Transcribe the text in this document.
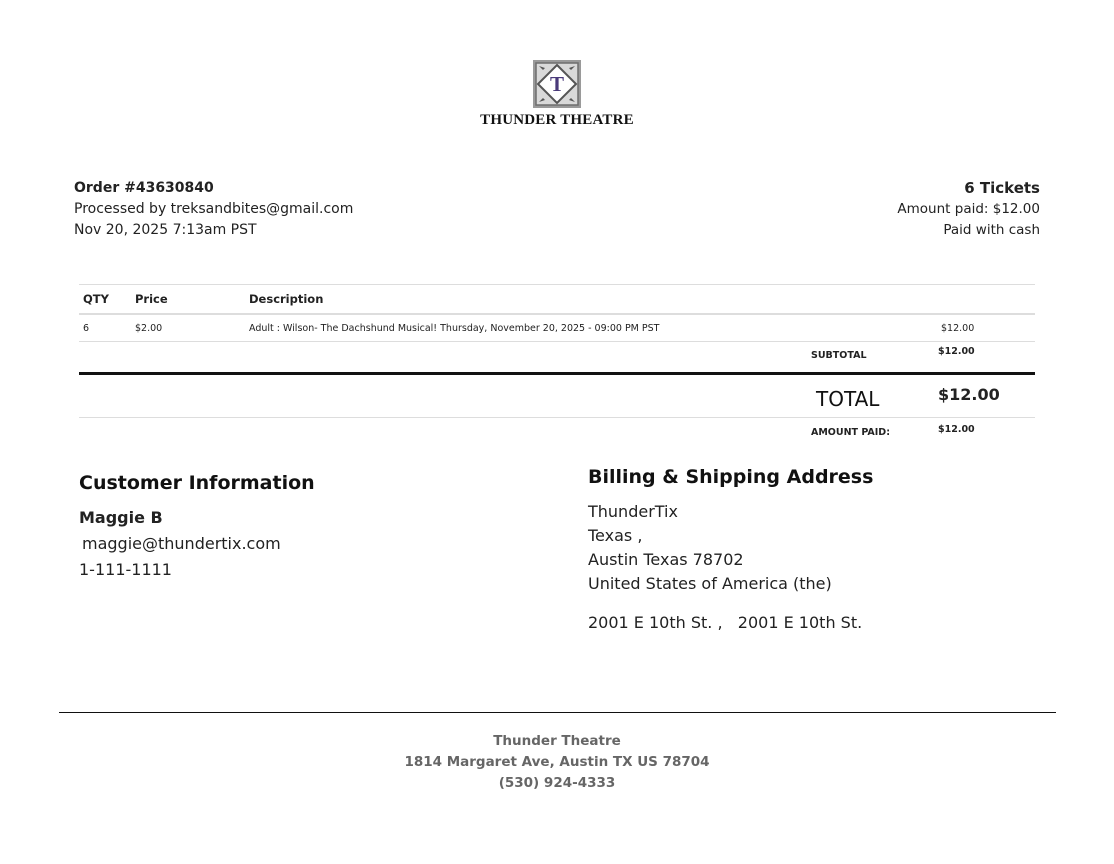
T
THUNDER THEATRE
Order #43630840
Processed by treksandbites@gmail.com
Nov 20, 2025 7:13am PST
6 Tickets
Amount paid: $12.00
Paid with cash
QTY	Price	Description		
6	$2.00	Adult : Wilson- The Dachshund Musical! Thursday, November 20, 2025 - 09:00 PM PST		$12.00
SUBTOTAL	$12.00
TOTAL	$12.00
AMOUNT PAID:	$12.00
Customer Information
Maggie B
maggie@thundertix.com
1-111-1111
Billing & Shipping Address
ThunderTix
Texas ,
Austin Texas 78702
United States of America (the)
2001 E 10th St. ,   2001 E 10th St.
Thunder Theatre
1814 Margaret Ave, Austin TX US 78704
(530) 924-4333
